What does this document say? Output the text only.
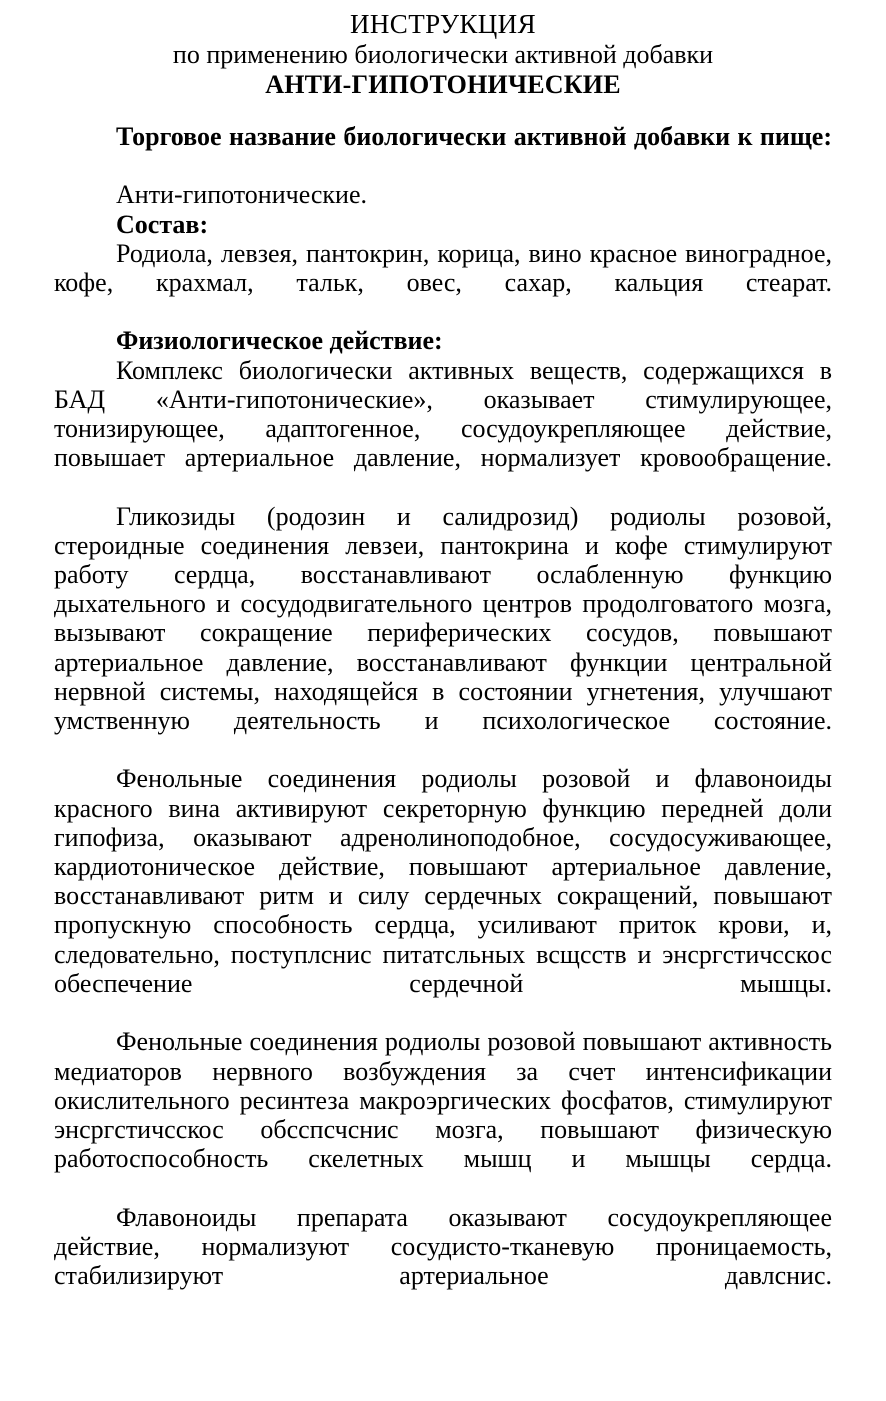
ИНСТРУКЦИЯ
по применению биологически активной добавки
АНТИ-ГИПОТОНИЧЕСКИЕ

Торговое название биологически активной добавки к пище:

Анти-гипотонические.

Состав:

Родиола, левзея, пантокрин, корица, вино красное виноградное, кофе, крахмал, тальк, овес, сахар, кальция стеарат.

Физиологическое действие:

Комплекс биологически активных веществ, содержащихся в БАД «Анти-гипотонические», оказывает стимулирующее, тонизирующее, адаптогенное, сосудоукрепляющее действие, повышает артериальное давление, нормализует кровообращение.

Гликозиды (родозин и салидрозид) родиолы розовой, стероидные соединения левзеи, пантокрина и кофе стимулируют работу сердца, восстанавливают ослабленную функцию дыхательного и сосудодвигательного центров продолговатого мозга, вызывают сокращение периферических сосудов, повышают артериальное давление, восстанавливают функции центральной нервной системы, находящейся в состоянии угнетения, улучшают умственную деятельность и психологическое состояние.

Фенольные соединения родиолы розовой и флавоноиды красного вина активируют секреторную функцию передней доли гипофиза, оказывают адренолиноподобное, сосудосуживающее, кардиотоническое действие, повышают артериальное давление, восстанавливают ритм и силу сердечных сокращений, повышают пропускную способность сердца, усиливают приток крови, и, следовательно, поступлснис питатсльных вcщсств и энсргстичсскос обеспечение сердечной мышцы.

Фенольные соединения родиолы розовой повышают активность медиаторов нервного возбуждения за счет интенсификации окислительного ресинтеза макроэргических фосфатов, стимулируют энсргстичсскос обсспсчснис мозга, повышают физическую работоспособность скелетных мышц и мышцы сердца.

Флавоноиды препарата оказывают сосудоукрепляющее действие, нормализуют сосудисто-тканевую проницаемость, стабилизируют артериальное давлснис.
